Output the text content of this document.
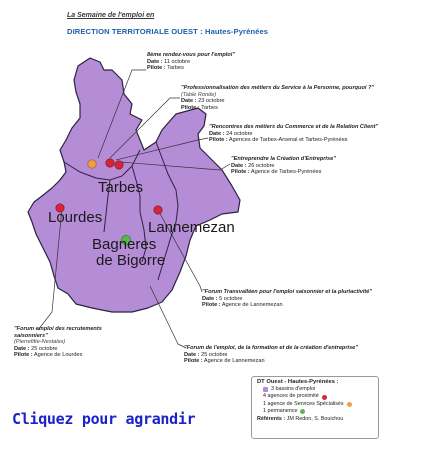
La Semaine de l'emploi en
DIRECTION TERRITORIALE OUEST : Hautes-Pyrénées
Tarbes
Lourdes
Lannemezan
Bagneres
de Bigorre
8ème rendez-vous pour l'emploi"
Date : 11 octobre
Pilote : Tarbes
"Professionnalisation des métiers du Service à la Personne, pourquoi ?"
(Table Ronde)
Date : 23 octobre
Pilote : Tarbes
"Rencontres des métiers du Commerce et de la Relation Client"
Date : 24 octobre
Pilote : Agences de Tarbes-Arsenal et Tarbes-Pyrénées
"Entreprendre la Création d'Entreprise"
Date : 26 octobre
Pilote : Agence de Tarbes-Pyrénées
"Forum Transvalléen pour l'emploi saisonnier et la pluriactivité"
Date : 5 octobre
Pilote : Agence de Lannemezan
"Forum emploi des recrutements saisonniers"
(Pierrefitte-Nestalas)
Date : 25 octobre
Pilote : Agence de Lourdes
"Forum de l'emploi, de la formation et de la création d'entreprise"
Date : 25 octobre
Pilote : Agence de Lannemezan
DT Ouest - Hautes-Pyrénées :
3 bassins d'emploi
4 agences de proximité
1 agence de Services Spécialisés
1 permanence
Référents : JM Redon, S. Bouichou
Cliquez pour agrandir
